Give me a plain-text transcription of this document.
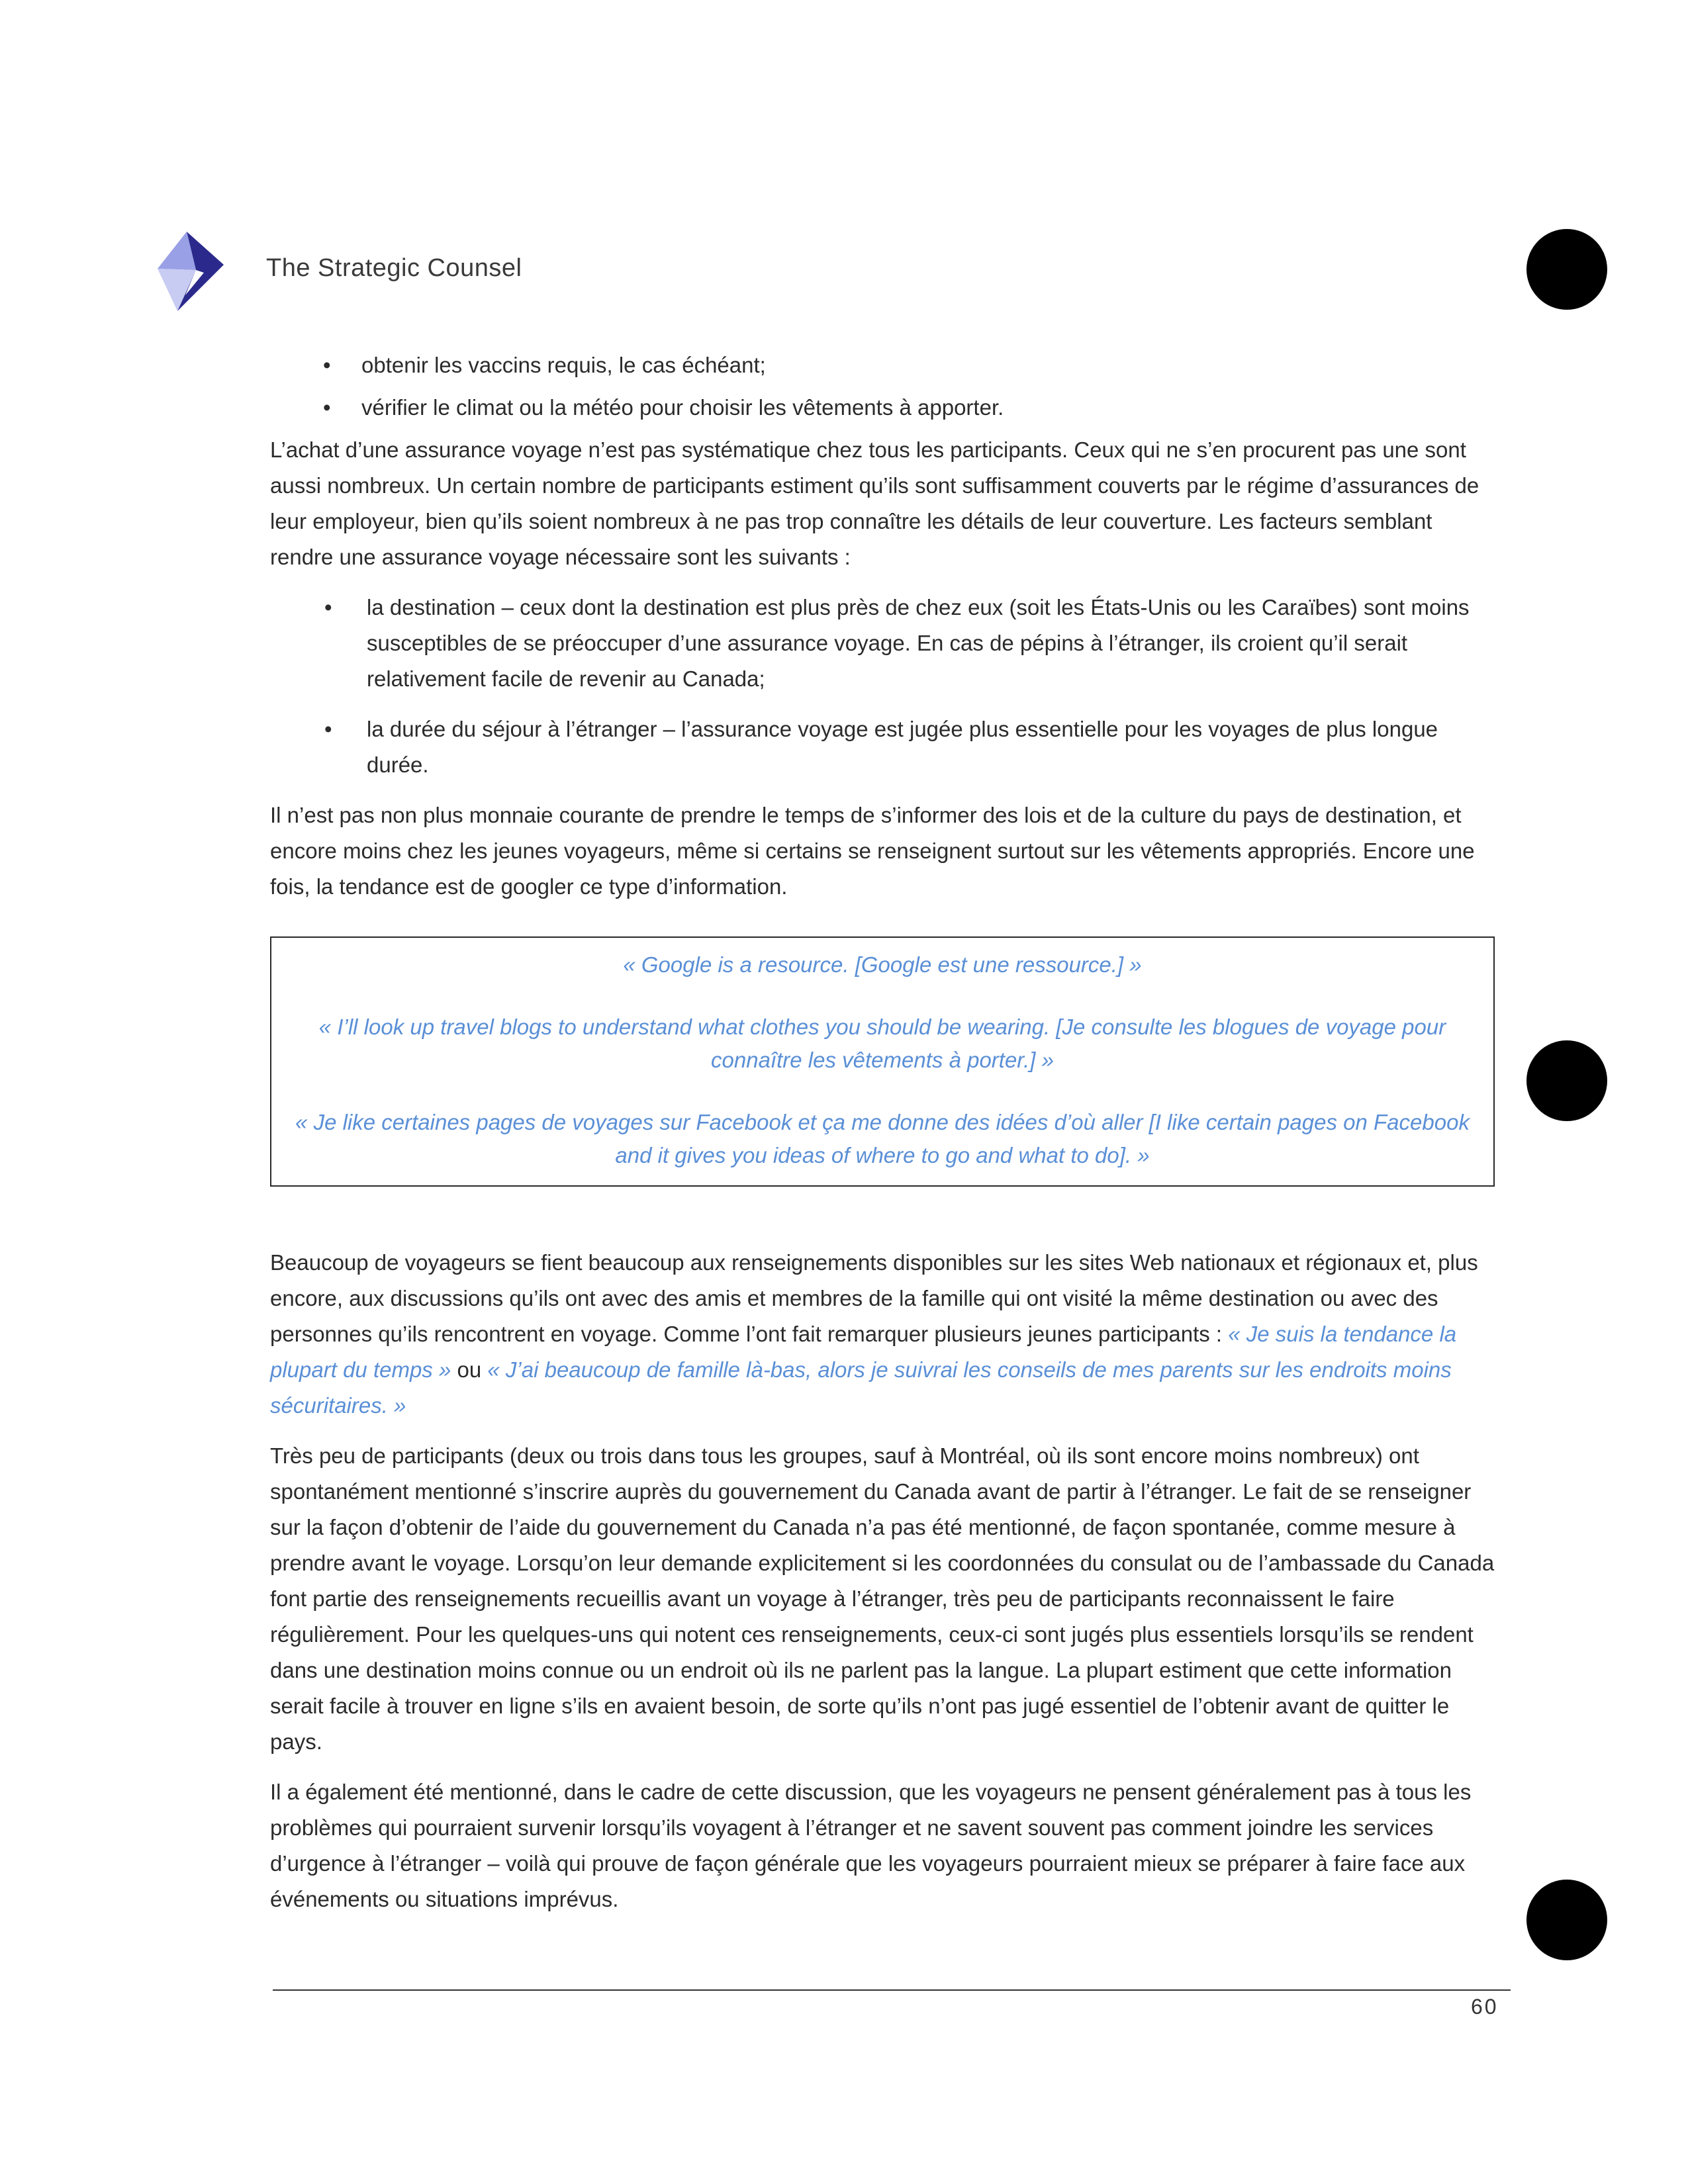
The Strategic Counsel
• obtenir les vaccins requis, le cas échéant;
• vérifier le climat ou la météo pour choisir les vêtements à apporter.

L’achat d’une assurance voyage n’est pas systématique chez tous les participants. Ceux qui ne s’en procurent pas une sont aussi nombreux. Un certain nombre de participants estiment qu’ils sont suffisamment couverts par le régime d’assurances de leur employeur, bien qu’ils soient nombreux à ne pas trop connaître les détails de leur couverture. Les facteurs semblant rendre une assurance voyage nécessaire sont les suivants :

• la destination – ceux dont la destination est plus près de chez eux (soit les États-Unis ou les Caraïbes) sont moins susceptibles de se préoccuper d’une assurance voyage. En cas de pépins à l’étranger, ils croient qu’il serait relativement facile de revenir au Canada;
• la durée du séjour à l’étranger – l’assurance voyage est jugée plus essentielle pour les voyages de plus longue durée.

Il n’est pas non plus monnaie courante de prendre le temps de s’informer des lois et de la culture du pays de destination, et encore moins chez les jeunes voyageurs, même si certains se renseignent surtout sur les vêtements appropriés. Encore une fois, la tendance est de googler ce type d’information.

« Google is a resource. [Google est une ressource.] »
« I’ll look up travel blogs to understand what clothes you should be wearing. [Je consulte les blogues de voyage pour connaître les vêtements à porter.] »
« Je like certaines pages de voyages sur Facebook et ça me donne des idées d’où aller [I like certain pages on Facebook and it gives you ideas of where to go and what to do]. »

Beaucoup de voyageurs se fient beaucoup aux renseignements disponibles sur les sites Web nationaux et régionaux et, plus encore, aux discussions qu’ils ont avec des amis et membres de la famille qui ont visité la même destination ou avec des personnes qu’ils rencontrent en voyage. Comme l’ont fait remarquer plusieurs jeunes participants : « Je suis la tendance la plupart du temps » ou « J’ai beaucoup de famille là-bas, alors je suivrai les conseils de mes parents sur les endroits moins sécuritaires. »

Très peu de participants (deux ou trois dans tous les groupes, sauf à Montréal, où ils sont encore moins nombreux) ont spontanément mentionné s’inscrire auprès du gouvernement du Canada avant de partir à l’étranger. Le fait de se renseigner sur la façon d’obtenir de l’aide du gouvernement du Canada n’a pas été mentionné, de façon spontanée, comme mesure à prendre avant le voyage. Lorsqu’on leur demande explicitement si les coordonnées du consulat ou de l’ambassade du Canada font partie des renseignements recueillis avant un voyage à l’étranger, très peu de participants reconnaissent le faire régulièrement. Pour les quelques-uns qui notent ces renseignements, ceux-ci sont jugés plus essentiels lorsqu’ils se rendent dans une destination moins connue ou un endroit où ils ne parlent pas la langue. La plupart estiment que cette information serait facile à trouver en ligne s’ils en avaient besoin, de sorte qu’ils n’ont pas jugé essentiel de l’obtenir avant de quitter le pays.

Il a également été mentionné, dans le cadre de cette discussion, que les voyageurs ne pensent généralement pas à tous les problèmes qui pourraient survenir lorsqu’ils voyagent à l’étranger et ne savent souvent pas comment joindre les services d’urgence à l’étranger – voilà qui prouve de façon générale que les voyageurs pourraient mieux se préparer à faire face aux événements ou situations imprévus.

60
